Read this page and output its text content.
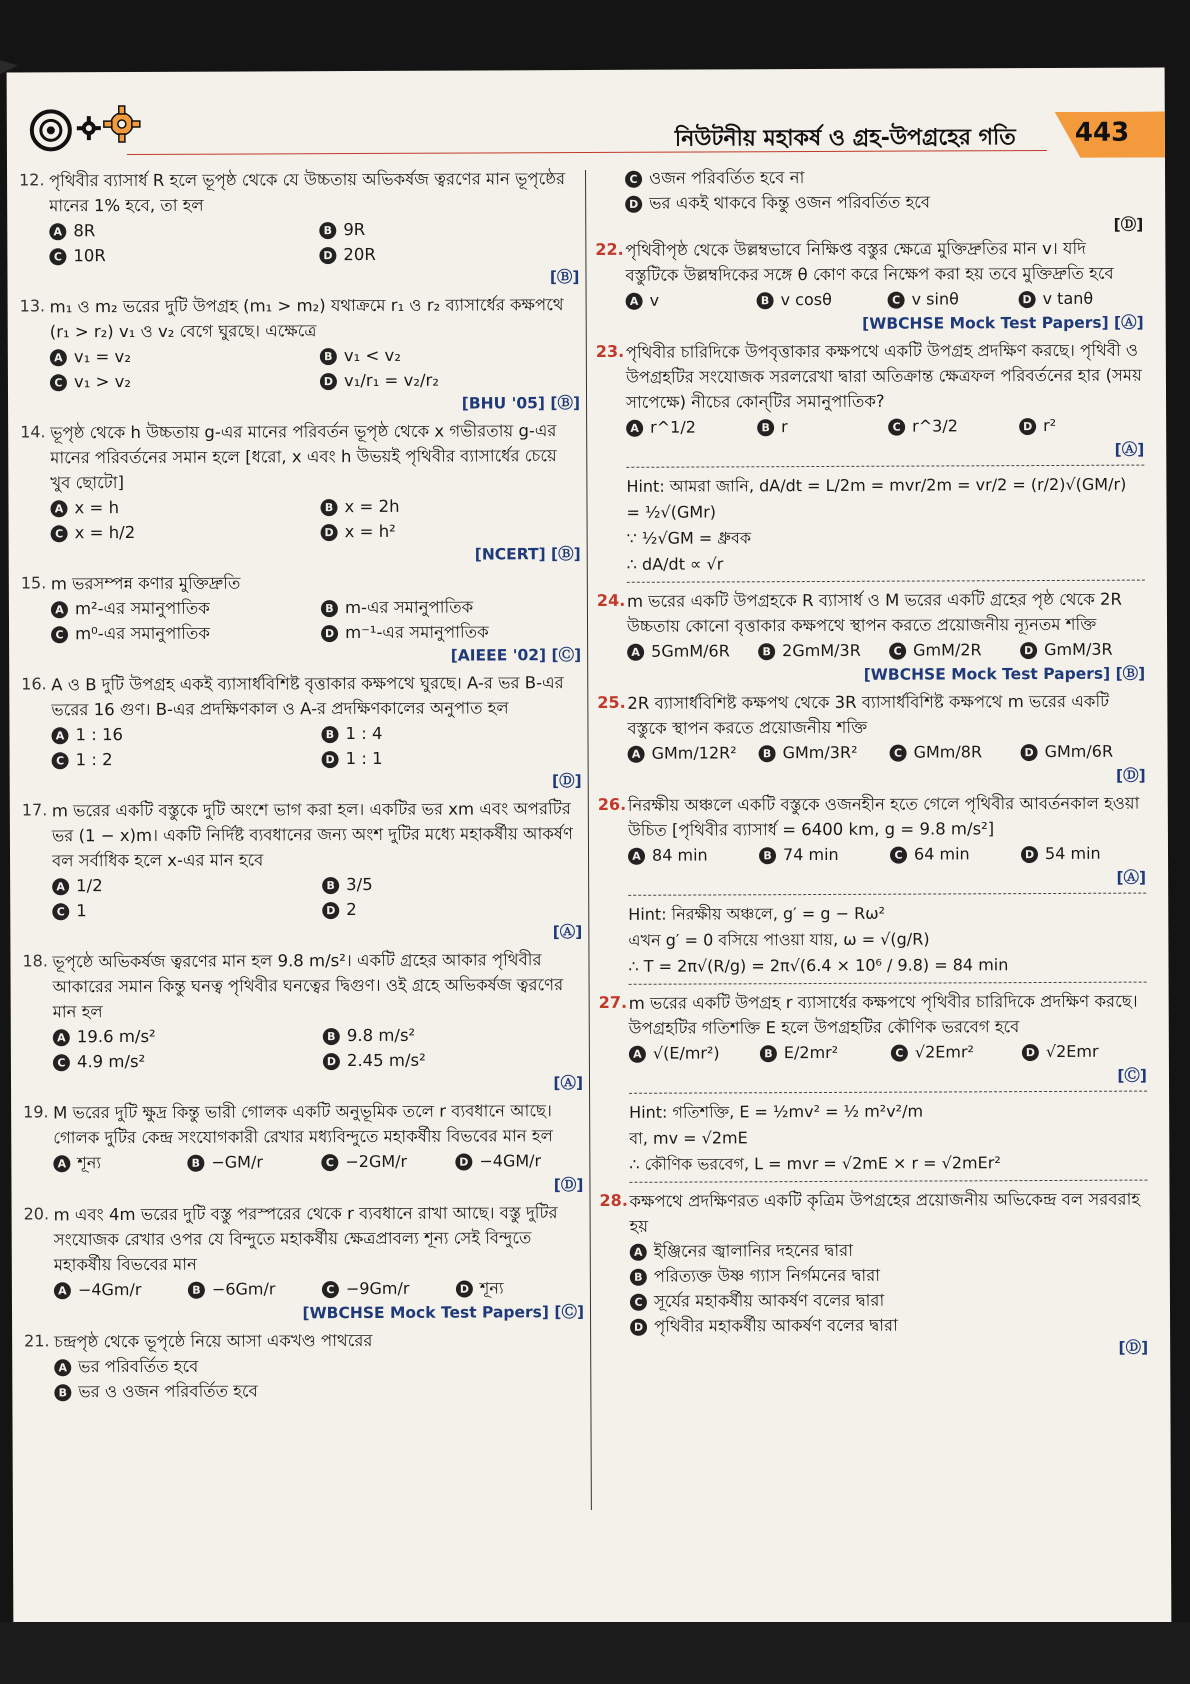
নিউটনীয় মহাকর্ষ ও গ্রহ-উপগ্রহের গতি 443
12. পৃথিবীর ব্যাসার্ধ R হলে ভূপৃষ্ঠ থেকে যে উচ্চতায় অভিকর্ষজ ত্বরণের মান ভূপৃষ্ঠের মানের 1% হবে, তা হল
A 8R	B 9R
C 10R	D 20R
[Ⓑ]
13. m₁ ও m₂ ভরের দুটি উপগ্রহ (m₁ > m₂) যথাক্রমে r₁ ও r₂ ব্যাসার্ধের কক্ষপথে (r₁ > r₂) v₁ ও v₂ বেগে ঘুরছে। এক্ষেত্রে
A v₁ = v₂	B v₁ < v₂
C v₁ > v₂	D v₁/r₁ = v₂/r₂
[BHU '05] [Ⓑ]
14. ভূপৃষ্ঠ থেকে h উচ্চতায় g-এর মানের পরিবর্তন ভূপৃষ্ঠ থেকে x গভীরতায় g-এর মানের পরিবর্তনের সমান হলে [ধরো, x এবং h উভয়ই পৃথিবীর ব্যাসার্ধের চেয়ে খুব ছোটো]
A x = h	B x = 2h
C x = h/2	D x = h²
[NCERT] [Ⓑ]
15. m ভরসম্পন্ন কণার মুক্তিদ্রুতি
A m²-এর সমানুপাতিক	B m-এর সমানুপাতিক
C m⁰-এর সমানুপাতিক	D m⁻¹-এর সমানুপাতিক
[AIEEE '02] [Ⓒ]
16. A ও B দুটি উপগ্রহ একই ব্যাসার্ধবিশিষ্ট বৃত্তাকার কক্ষপথে ঘুরছে। A-র ভর B-এর ভরের 16 গুণ। B-এর প্রদক্ষিণকাল ও A-র প্রদক্ষিণকালের অনুপাত হল
A 1 : 16	B 1 : 4
C 1 : 2	D 1 : 1
[Ⓓ]
17. m ভরের একটি বস্তুকে দুটি অংশে ভাগ করা হল। একটির ভর xm এবং অপরটির ভর (1 − x)m। একটি নির্দিষ্ট ব্যবধানের জন্য অংশ দুটির মধ্যে মহাকর্ষীয় আকর্ষণ বল সর্বাধিক হলে x-এর মান হবে
A 1/2	B 3/5
C 1	D 2
[Ⓐ]
18. ভূপৃষ্ঠে অভিকর্ষজ ত্বরণের মান হল 9.8 m/s²। একটি গ্রহের আকার পৃথিবীর আকারের সমান কিন্তু ঘনত্ব পৃথিবীর ঘনত্বের দ্বিগুণ। ওই গ্রহে অভিকর্ষজ ত্বরণের মান হল
A 19.6 m/s²	B 9.8 m/s²
C 4.9 m/s²	D 2.45 m/s²
[Ⓐ]
19. M ভরের দুটি ক্ষুদ্র কিন্তু ভারী গোলক একটি অনুভূমিক তলে r ব্যবধানে আছে। গোলক দুটির কেন্দ্র সংযোগকারী রেখার মধ্যবিন্দুতে মহাকর্ষীয় বিভবের মান হল
A শূন্য	B −GM/r	C −2GM/r	D −4GM/r
[Ⓓ]
20. m এবং 4m ভরের দুটি বস্তু পরস্পরের থেকে r ব্যবধানে রাখা আছে। বস্তু দুটির সংযোজক রেখার ওপর যে বিন্দুতে মহাকর্ষীয় ক্ষেত্রপ্রাবল্য শূন্য সেই বিন্দুতে মহাকর্ষীয় বিভবের মান
A −4Gm/r	B −6Gm/r	C −9Gm/r	D শূন্য
[WBCHSE Mock Test Papers] [Ⓒ]
21. চন্দ্রপৃষ্ঠ থেকে ভূপৃষ্ঠে নিয়ে আসা একখণ্ড পাথরের
A ভর পরিবর্তিত হবে
B ভর ও ওজন পরিবর্তিত হবে
C ওজন পরিবর্তিত হবে না
D ভর একই থাকবে কিন্তু ওজন পরিবর্তিত হবে
[Ⓓ]
22. পৃথিবীপৃষ্ঠ থেকে উল্লম্বভাবে নিক্ষিপ্ত বস্তুর ক্ষেত্রে মুক্তিদ্রুতির মান v। যদি বস্তুটিকে উল্লম্বদিকের সঙ্গে θ কোণ করে নিক্ষেপ করা হয় তবে মুক্তিদ্রুতি হবে
A v	B v cosθ	C v sinθ	D v tanθ
[WBCHSE Mock Test Papers] [Ⓐ]
23. পৃথিবীর চারিদিকে উপবৃত্তাকার কক্ষপথে একটি উপগ্রহ প্রদক্ষিণ করছে। পৃথিবী ও উপগ্রহটির সংযোজক সরলরেখা দ্বারা অতিক্রান্ত ক্ষেত্রফল পরিবর্তনের হার (সময় সাপেক্ষে) নীচের কোন্‌টির সমানুপাতিক?
A r^1/2	B r	C r^3/2	D r²
[Ⓐ]
Hint: আমরা জানি, dA/dt = L/2m = mvr/2m = vr/2 = (r/2)√(GM/r) = ½√(GMr)
∵ ½√GM = ধ্রুবক
∴ dA/dt ∝ √r
24. m ভরের একটি উপগ্রহকে R ব্যাসার্ধ ও M ভরের একটি গ্রহের পৃষ্ঠ থেকে 2R উচ্চতায় কোনো বৃত্তাকার কক্ষপথে স্থাপন করতে প্রয়োজনীয় ন্যূনতম শক্তি
A 5GmM/6R	B 2GmM/3R	C GmM/2R	D GmM/3R
[WBCHSE Mock Test Papers] [Ⓑ]
25. 2R ব্যাসার্ধবিশিষ্ট কক্ষপথ থেকে 3R ব্যাসার্ধবিশিষ্ট কক্ষপথে m ভরের একটি বস্তুকে স্থাপন করতে প্রয়োজনীয় শক্তি
A GMm/12R²	B GMm/3R²	C GMm/8R	D GMm/6R
[Ⓓ]
26. নিরক্ষীয় অঞ্চলে একটি বস্তুকে ওজনহীন হতে গেলে পৃথিবীর আবর্তনকাল হওয়া উচিত [পৃথিবীর ব্যাসার্ধ = 6400 km, g = 9.8 m/s²]
A 84 min	B 74 min	C 64 min	D 54 min
[Ⓐ]
Hint: নিরক্ষীয় অঞ্চলে, g′ = g − Rω²
এখন g′ = 0 বসিয়ে পাওয়া যায়, ω = √(g/R)
∴ T = 2π√(R/g) = 2π√(6.4 × 10⁶ / 9.8) = 84 min
27. m ভরের একটি উপগ্রহ r ব্যাসার্ধের কক্ষপথে পৃথিবীর চারিদিকে প্রদক্ষিণ করছে। উপগ্রহটির গতিশক্তি E হলে উপগ্রহটির কৌণিক ভরবেগ হবে
A √(E/mr²)	B E/2mr²	C √2Emr²	D √2Emr
[Ⓒ]
Hint: গতিশক্তি, E = ½mv² = ½ m²v²/m
বা, mv = √2mE
∴ কৌণিক ভরবেগ, L = mvr = √2mE × r = √2mEr²
28. কক্ষপথে প্রদক্ষিণরত একটি কৃত্রিম উপগ্রহের প্রয়োজনীয় অভিকেন্দ্র বল সরবরাহ হয়
A ইঞ্জিনের জ্বালানির দহনের দ্বারা
B পরিত্যক্ত উষ্ণ গ্যাস নির্গমনের দ্বারা
C সূর্যের মহাকর্ষীয় আকর্ষণ বলের দ্বারা
D পৃথিবীর মহাকর্ষীয় আকর্ষণ বলের দ্বারা
[Ⓓ]
